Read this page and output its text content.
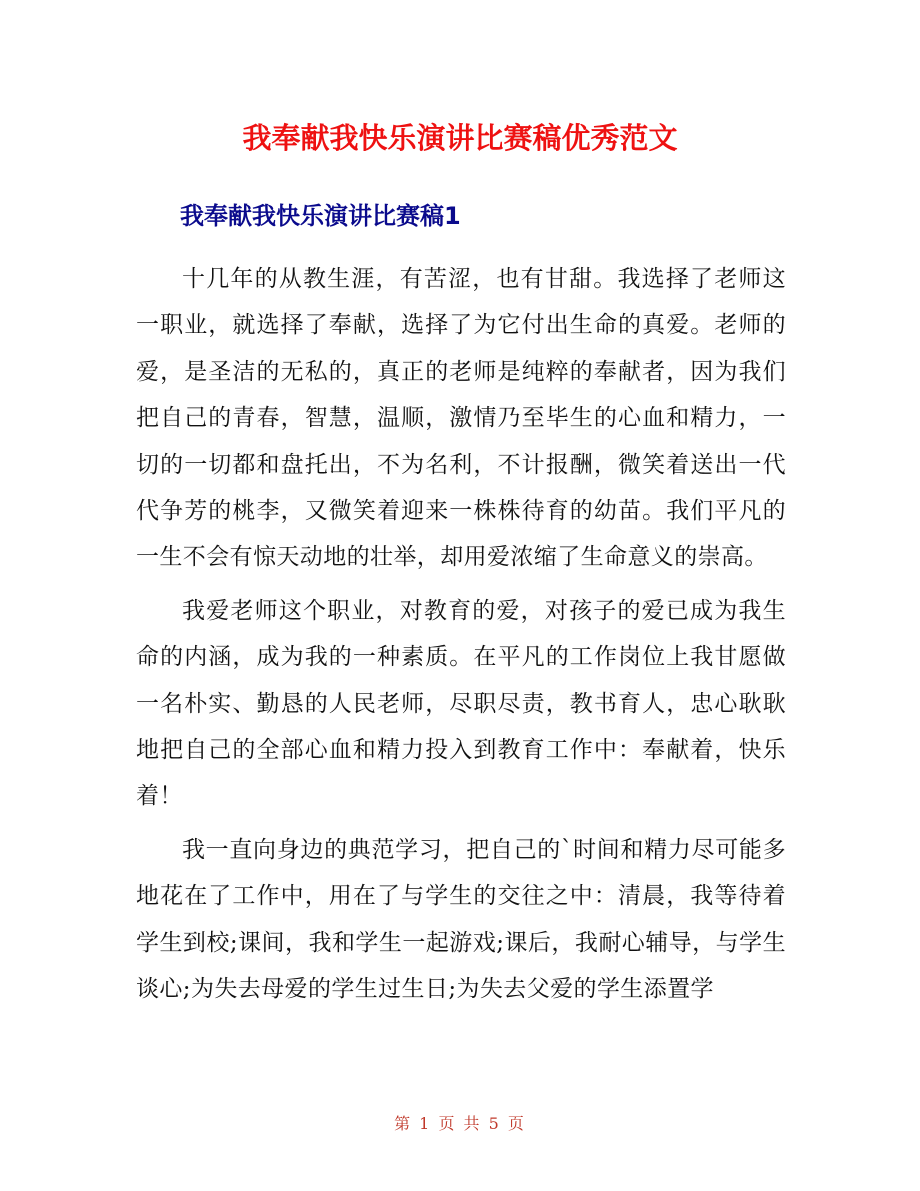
我奉献我快乐演讲比赛稿优秀范文
我奉献我快乐演讲比赛稿1

十几年的从教生涯，有苦涩，也有甘甜。我选择了老师这一职业，就选择了奉献，选择了为它付出生命的真爱。老师的爱，是圣洁的无私的，真正的老师是纯粹的奉献者，因为我们把自己的青春，智慧，温顺，激情乃至毕生的心血和精力，一切的一切都和盘托出，不为名利，不计报酬，微笑着送出一代代争芳的桃李，又微笑着迎来一株株待育的幼苗。我们平凡的一生不会有惊天动地的壮举，却用爱浓缩了生命意义的崇高。

我爱老师这个职业，对教育的爱，对孩子的爱已成为我生命的内涵，成为我的一种素质。在平凡的工作岗位上我甘愿做一名朴实、勤恳的人民老师，尽职尽责，教书育人，忠心耿耿地把自己的全部心血和精力投入到教育工作中：奉献着，快乐着！

我一直向身边的典范学习，把自己的`时间和精力尽可能多地花在了工作中，用在了与学生的交往之中：清晨，我等待着学生到校;课间，我和学生一起游戏;课后，我耐心辅导，与学生谈心;为失去母爱的学生过生日;为失去父爱的学生添置学

第 1 页 共 5 页
